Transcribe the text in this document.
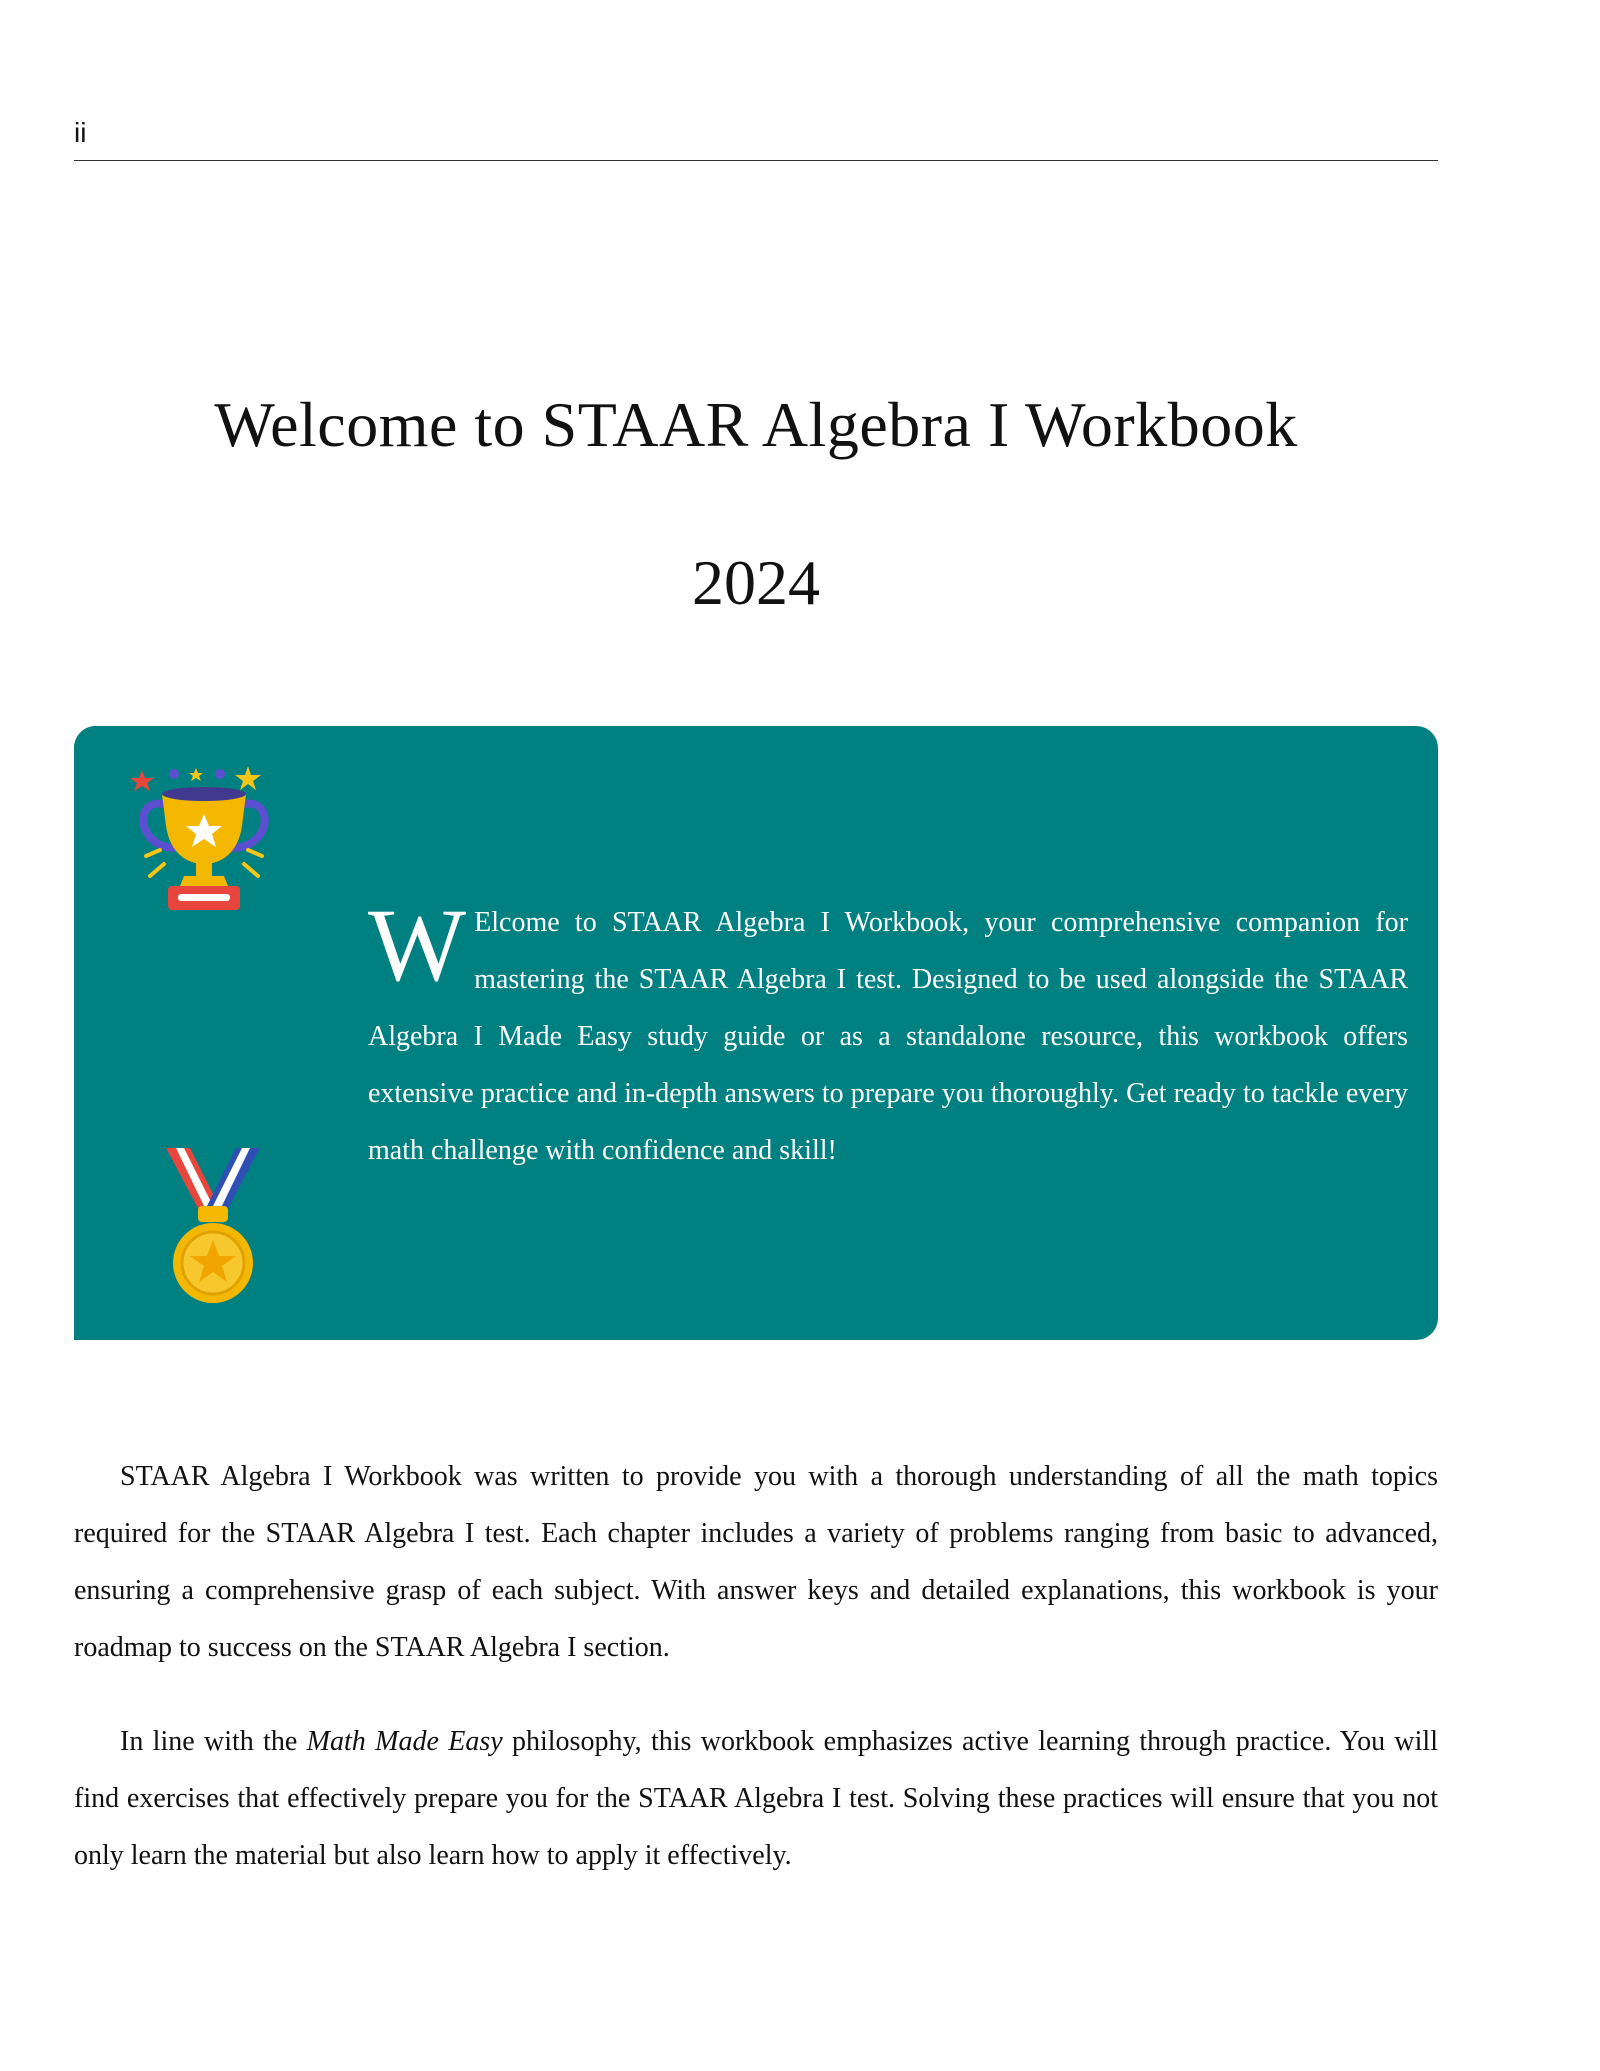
ii
Welcome to STAAR Algebra I Workbook
2024

W Elcome to STAAR Algebra I Workbook, your comprehensive companion for mastering the STAAR Algebra I test. Designed to be used alongside the STAAR Algebra I Made Easy study guide or as a standalone resource, this workbook offers extensive practice and in-depth answers to prepare you thoroughly. Get ready to tackle every math challenge with confidence and skill!

STAAR Algebra I Workbook was written to provide you with a thorough understanding of all the math topics required for the STAAR Algebra I test. Each chapter includes a variety of problems ranging from basic to advanced, ensuring a comprehensive grasp of each subject. With answer keys and detailed explanations, this workbook is your roadmap to success on the STAAR Algebra I section.

In line with the Math Made Easy philosophy, this workbook emphasizes active learning through practice. You will find exercises that effectively prepare you for the STAAR Algebra I test. Solving these practices will ensure that you not only learn the material but also learn how to apply it effectively.
